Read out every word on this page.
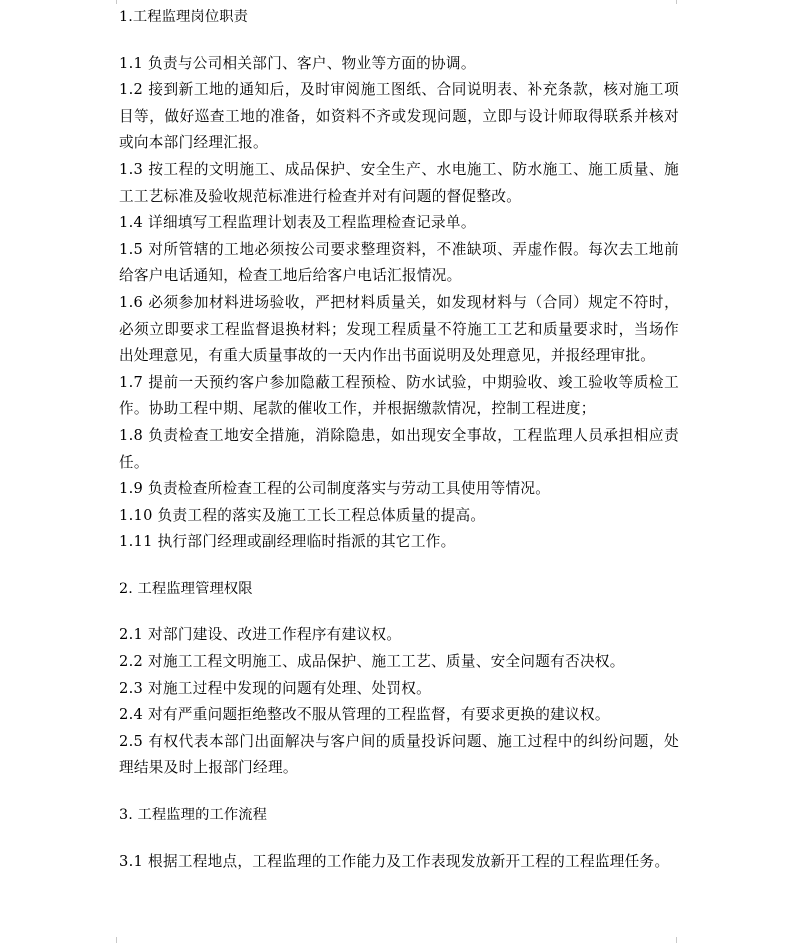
1.工程监理岗位职责

1.1 负责与公司相关部门、客户、物业等方面的协调。

1.2 接到新工地的通知后，及时审阅施工图纸、合同说明表、补充条款，核对施工项目等，做好巡查工地的准备，如资料不齐或发现问题，立即与设计师取得联系并核对或向本部门经理汇报。

1.3 按工程的文明施工、成品保护、安全生产、水电施工、防水施工、施工质量、施工工艺标准及验收规范标准进行检查并对有问题的督促整改。

1.4 详细填写工程监理计划表及工程监理检查记录单。

1.5 对所管辖的工地必须按公司要求整理资料，不准缺项、弄虚作假。每次去工地前给客户电话通知，检查工地后给客户电话汇报情况。

1.6 必须参加材料进场验收，严把材料质量关，如发现材料与（合同）规定不符时，必须立即要求工程监督退换材料；发现工程质量不符施工工艺和质量要求时，当场作出处理意见，有重大质量事故的一天内作出书面说明及处理意见，并报经理审批。

1.7 提前一天预约客户参加隐蔽工程预检、防水试验，中期验收、竣工验收等质检工作。协助工程中期、尾款的催收工作，并根据缴款情况，控制工程进度；

1.8 负责检查工地安全措施，消除隐患，如出现安全事故，工程监理人员承担相应责任。

1.9 负责检查所检查工程的公司制度落实与劳动工具使用等情况。

1.10 负责工程的落实及施工工长工程总体质量的提高。

1.11 执行部门经理或副经理临时指派的其它工作。

2. 工程监理管理权限

2.1 对部门建设、改进工作程序有建议权。

2.2 对施工工程文明施工、成品保护、施工工艺、质量、安全问题有否决权。

2.3 对施工过程中发现的问题有处理、处罚权。

2.4 对有严重问题拒绝整改不服从管理的工程监督，有要求更换的建议权。

2.5 有权代表本部门出面解决与客户间的质量投诉问题、施工过程中的纠纷问题，处理结果及时上报部门经理。

3. 工程监理的工作流程

3.1 根据工程地点，工程监理的工作能力及工作表现发放新开工程的工程监理任务。
